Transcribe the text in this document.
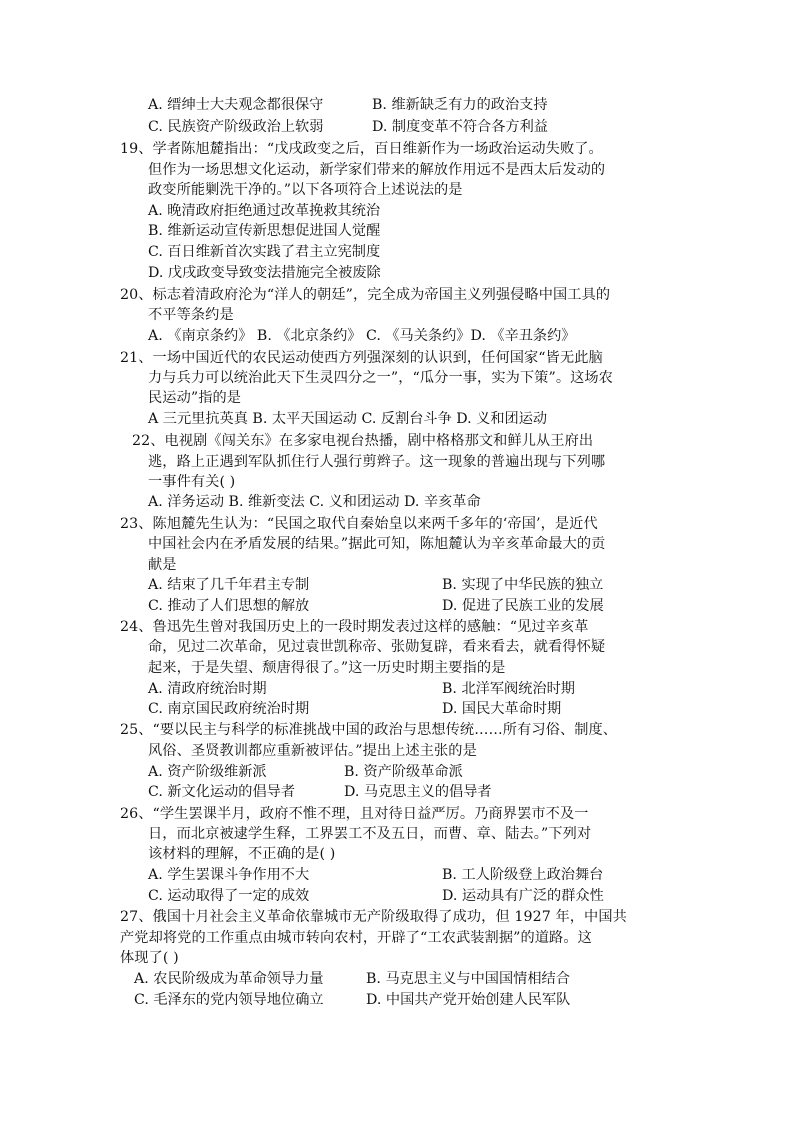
A. 缙绅士大夫观念都很保守	B. 维新缺乏有力的政治支持
C. 民族资产阶级政治上软弱	D. 制度变革不符合各方利益
19、学者陈旭麓指出：“戊戌政变之后，百日维新作为一场政治运动失败了。
但作为一场思想文化运动，新学家们带来的解放作用远不是西太后发动的
政变所能剿洗干净的。”以下各项符合上述说法的是
A. 晚清政府拒绝通过改革挽救其统治
B. 维新运动宣传新思想促进国人觉醒
C. 百日维新首次实践了君主立宪制度
D. 戊戌政变导致变法措施完全被废除
20、标志着清政府沦为“洋人的朝廷”，完全成为帝国主义列强侵略中国工具的
不平等条约是
A. 《南京条约》 B. 《北京条约》 C. 《马关条约》D. 《辛丑条约》
21、一场中国近代的农民运动使西方列强深刻的认识到，任何国家“皆无此脑
力与兵力可以统治此天下生灵四分之一”，“瓜分一事，实为下策”。这场农
民运动”指的是
A 三元里抗英真 B. 太平天国运动 C. 反割台斗争 D. 义和团运动
22、电视剧《闯关东》在多家电视台热播，剧中格格那文和鲜儿从王府出
逃，路上正遇到军队抓住行人强行剪辫子。这一现象的普遍出现与下列哪
一事件有关( )
A. 洋务运动 B. 维新变法 C. 义和团运动 D. 辛亥革命
23、陈旭麓先生认为：“民国之取代自秦始皇以来两千多年的‘帝国’，是近代
中国社会内在矛盾发展的结果。”据此可知，陈旭麓认为辛亥革命最大的贡
献是
A. 结束了几千年君主专制	B. 实现了中华民族的独立
C. 推动了人们思想的解放	D. 促进了民族工业的发展
24、鲁迅先生曾对我国历史上的一段时期发表过这样的感触：“见过辛亥革
命，见过二次革命，见过袁世凯称帝、张勋复辟，看来看去，就看得怀疑
起来，于是失望、颓唐得很了。”这一历史时期主要指的是
A. 清政府统治时期	B. 北洋军阀统治时期
C. 南京国民政府统治时期	D. 国民大革命时期
25、“要以民主与科学的标准挑战中国的政治与思想传统……所有习俗、制度、
风俗、圣贤教训都应重新被评估。”提出上述主张的是
A. 资产阶级维新派	B. 资产阶级革命派
C. 新文化运动的倡导者	D. 马克思主义的倡导者
26、“学生罢课半月，政府不惟不理，且对待日益严厉。乃商界罢市不及一
日，而北京被逮学生释，工界罢工不及五日，而曹、章、陆去。”下列对
该材料的理解，不正确的是( )
A. 学生罢课斗争作用不大	B. 工人阶级登上政治舞台
C. 运动取得了一定的成效	D. 运动具有广泛的群众性
27、俄国十月社会主义革命依靠城市无产阶级取得了成功，但 1927 年，中国共
产党却将党的工作重点由城市转向农村，开辟了“工农武装割据”的道路。这
体现了( )
A. 农民阶级成为革命领导力量	B. 马克思主义与中国国情相结合
C. 毛泽东的党内领导地位确立	D. 中国共产党开始创建人民军队
